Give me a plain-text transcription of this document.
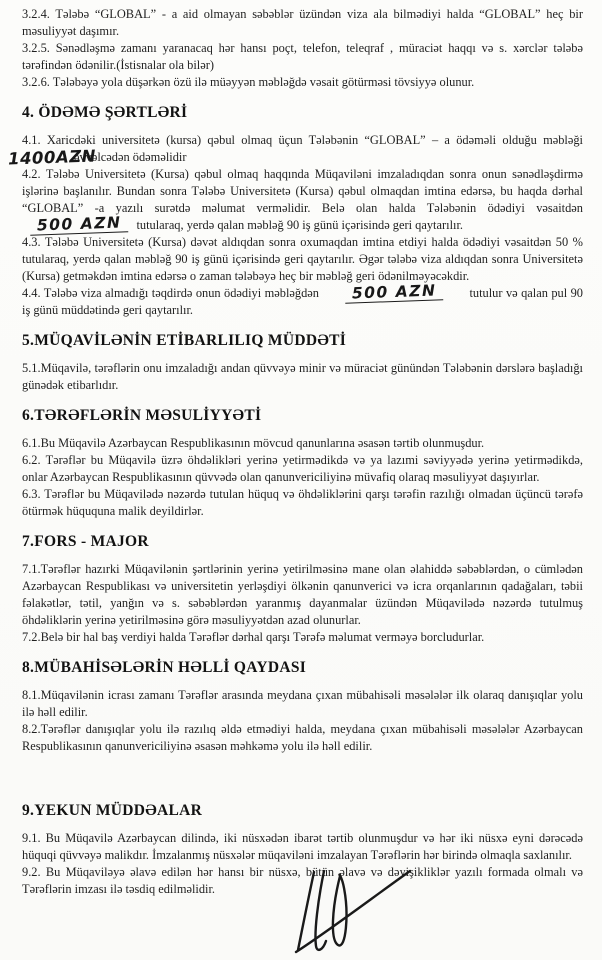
3.2.4. Tələbə “GLOBAL” - a aid olmayan səbəblər üzündən viza ala bilmədiyi halda “GLOBAL” heç bir məsuliyyət daşımır.

3.2.5. Sənədləşmə zamanı yaranacaq hər hansı poçt, telefon, teleqraf , müraciət haqqı və s. xərclər tələbə tərəfindən ödənilir.(İstisnalar ola bilər)

3.2.6. Tələbəyə yola düşərkən özü ilə müəyyən məbləğdə vəsait götürməsi tövsiyyə olunur.

4. ÖDƏMƏ ŞƏRTLƏRİ

4.1. Xaricdəki universitetə (kursa) qəbul olmaq üçun Tələbənin “GLOBAL” – a ödəməli olduğu məbləği 1400AZNəvvəlcədən ödəməlidir

4.2. Tələbə Universitetə (Kursa) qəbul olmaq haqqında Müqaviləni imzaladıqdan sonra onun sənədləşdirmə işlərinə başlanılır. Bundan sonra Tələbə Universitetə (Kursa) qəbul olmaqdan imtina edərsə, bu haqda dərhal “GLOBAL” -a yazılı surətdə məlumat verməlidir. Belə olan halda Tələbənin ödədiyi vəsaitdən500 AZN tutularaq, yerdə qalan məbləğ 90 iş günü içərisində geri qaytarılır.

4.3. Tələbə Universitetə (Kursa) dəvət aldıqdan sonra oxumaqdan imtina etdiyi halda ödədiyi vəsaitdən 50 % tutularaq, yerdə qalan məbləğ 90 iş günü içərisində geri qaytarılır. Əgər tələbə viza aldıqdan sonra Universitetə (Kursa) getməkdən imtina edərsə o zaman tələbəyə heç bir məbləğ geri ödənilməyəcəkdir.

4.4. Tələbə viza almadığı təqdirdə onun ödədiyi məbləğdən 500 AZN	tutulur və qalan pul 90 iş günü müddətində geri qaytarılır.

5.MÜQAVİLƏNİN ETİBARLILIQ MÜDDƏTİ

5.1.Müqavilə, tərəflərin onu imzaladığı andan qüvvəyə minir və müraciət günündən Tələbənin dərslərə başladığı günədək etibarlıdır.

6.TƏRƏFLƏRİN MƏSULİYYƏTİ

6.1.Bu Müqavilə Azərbaycan Respublikasının mövcud qanunlarına əsasən tərtib olunmuşdur.

6.2. Tərəflər bu Müqavilə üzrə öhdəlikləri yerinə yetirmədikdə və ya lazımi səviyyədə yerinə yetirmədikdə, onlar Azərbaycan Respublikasının qüvvədə olan qanunvericiliyinə müvafiq olaraq məsuliyyət daşıyırlar.

6.3. Tərəflər bu Müqavilədə nəzərdə tutulan hüquq və öhdəliklərini qarşı tərəfin razılığı olmadan üçüncü tərəfə ötürmək hüququna malik deyildirlər.

7.FORS - MAJOR

7.1.Tərəflər hazırki Müqavilənin şərtlərinin yerinə yetirilməsinə mane olan əlahiddə səbəblərdən, o cümlədən Azərbaycan Respublikası və universitetin yerləşdiyi ölkənin qanunverici və icra orqanlarının qadağaları, təbii fəlakətlər, tətil, yanğın və s. səbəblərdən yaranmış dayanmalar üzündən Müqavilədə nəzərdə tutulmuş öhdəliklərin yerinə yetirilməsinə görə məsuliyyətdən azad olunurlar.

7.2.Belə bir hal baş verdiyi halda Tərəflər dərhal qarşı Tərəfə məlumat verməyə borcludurlar.

8.MÜBAHİSƏLƏRİN HƏLLİ QAYDASI

8.1.Müqavilənin icrası zamanı Tərəflər arasında meydana çıxan mübahisəli məsələlər ilk olaraq danışıqlar yolu ilə həll edilir.

8.2.Tərəflər danışıqlar yolu ilə razılıq əldə etmədiyi halda, meydana çıxan mübahisəli məsələlər Azərbaycan Respublikasının qanunvericiliyinə əsasən məhkəmə yolu ilə həll edilir.

9.YEKUN MÜDDƏALAR

9.1. Bu Müqavilə Azərbaycan dilində, iki nüsxədən ibarət tərtib olunmuşdur və hər iki nüsxə eyni dərəcədə hüquqi qüvvəyə malikdır. İmzalanmış nüsxələr müqaviləni imzalayan Tərəflərin hər birində olmaqla saxlanılır.

9.2. Bu Müqaviləyə əlavə edilən hər hansı bir nüsxə, bütün əlavə və dəyişikliklər yazılı formada olmalı və Tərəflərin imzası ilə təsdiq edilməlidir.
